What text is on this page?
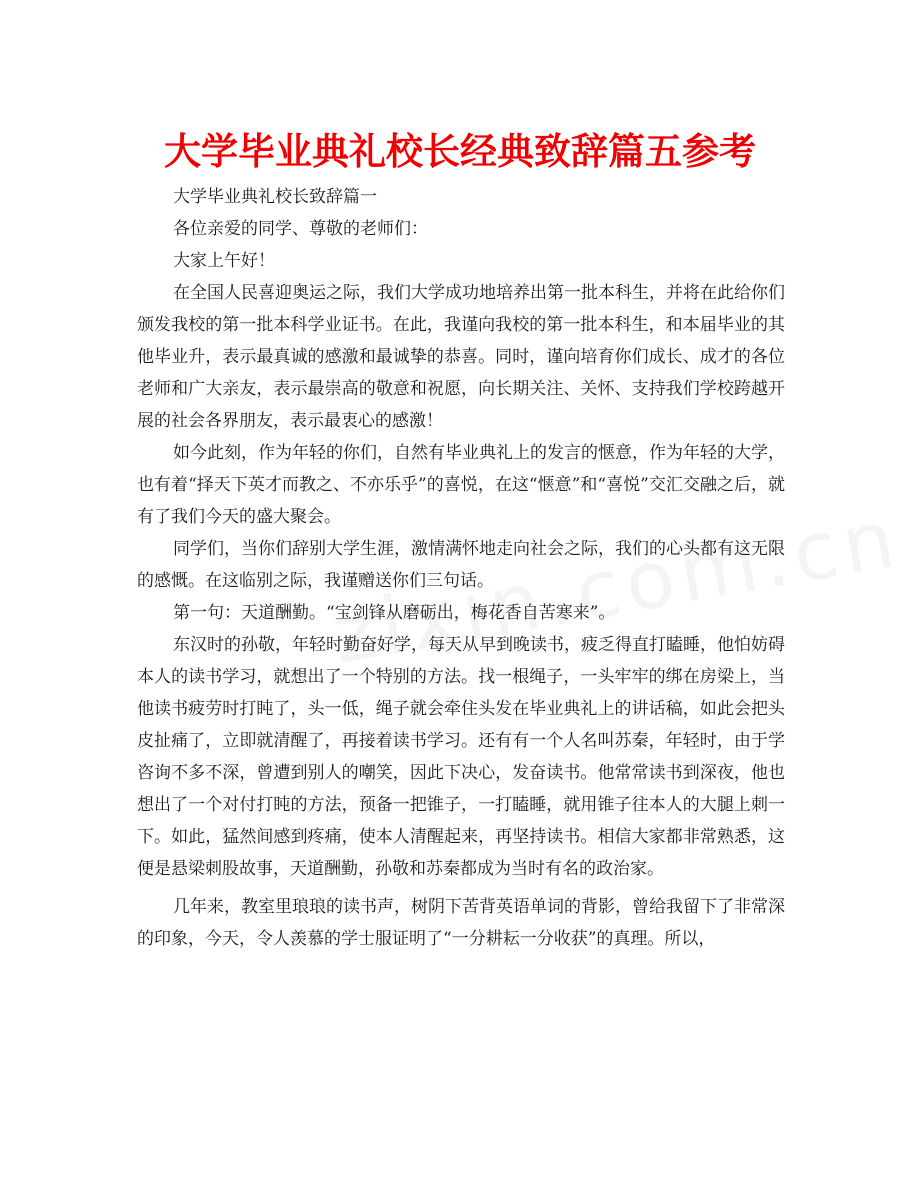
大学毕业典礼校长经典致辞篇五参考

大学毕业典礼校长致辞篇一

各位亲爱的同学、尊敬的老师们：

大家上午好！

在全国人民喜迎奥运之际，我们大学成功地培养出第一批本科生，并将在此给你们颁发我校的第一批本科学业证书。在此，我谨向我校的第一批本科生，和本届毕业的其他毕业升，表示最真诚的感激和最诚挚的恭喜。同时，谨向培育你们成长、成才的各位老师和广大亲友，表示最崇高的敬意和祝愿，向长期关注、关怀、支持我们学校跨越开展的社会各界朋友，表示最衷心的感激！

如今此刻，作为年轻的你们，自然有毕业典礼上的发言的惬意，作为年轻的大学，也有着“择天下英才而教之、不亦乐乎”的喜悦，在这“惬意”和“喜悦”交汇交融之后，就有了我们今天的盛大聚会。

同学们，当你们辞别大学生涯，激情满怀地走向社会之际，我们的心头都有这无限的感慨。在这临别之际，我谨赠送你们三句话。

第一句：天道酬勤。“宝剑锋从磨砺出，梅花香自苦寒来”。

东汉时的孙敬，年轻时勤奋好学，每天从早到晚读书，疲乏得直打瞌睡，他怕妨碍本人的读书学习，就想出了一个特别的方法。找一根绳子，一头牢牢的绑在房梁上，当他读书疲劳时打盹了，头一低，绳子就会牵住头发在毕业典礼上的讲话稿，如此会把头皮扯痛了，立即就清醒了，再接着读书学习。还有有一个人名叫苏秦，年轻时，由于学咨询不多不深，曾遭到别人的嘲笑，因此下决心，发奋读书。他常常读书到深夜，他也想出了一个对付打盹的方法，预备一把锥子，一打瞌睡，就用锥子往本人的大腿上刺一下。如此，猛然间感到疼痛，使本人清醒起来，再坚持读书。相信大家都非常熟悉，这便是悬梁刺股故事，天道酬勤，孙敬和苏秦都成为当时有名的政治家。

几年来，教室里琅琅的读书声，树阴下苦背英语单词的背影，曾给我留下了非常深的印象，今天，令人羡慕的学士服证明了“一分耕耘一分收获”的真理。所以，
